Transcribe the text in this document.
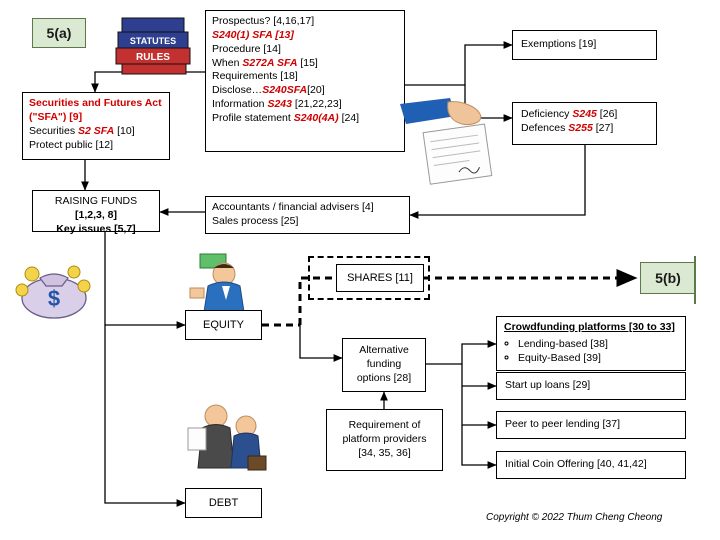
5(a)	STATUTES
RULES
Prospectus? [4,16,17]
S240(1) SFA [13]
Procedure [14]
When S272A SFA [15]
Requirements [18]
Disclose…S240SFA[20]
Information S243 [21,22,23]
Profile statement S240(4A) [24]
Securities and Futures Act ("SFA") [9]
Securities S2 SFA [10]
Protect public [12]
RAISING FUNDS
[1,2,3, 8]
Key issues [5,7]
Accountants / financial advisers [4]
Sales process [25]
Exemptions [19]
Deficiency S245 [26]
Defences S255 [27]
$
SHARES [11]	5(b)
EQUITY
DEBT
Alternative
funding
options [28]
Requirement of
platform providers
[34, 35, 36]
Crowdfunding platforms [30 to 33]
◦ Lending-based [38]
◦ Equity-Based [39]
Start up loans [29]
Peer to peer lending [37]
Initial Coin Offering [40, 41,42]
Copyright © 2022 Thum Cheng Cheong
